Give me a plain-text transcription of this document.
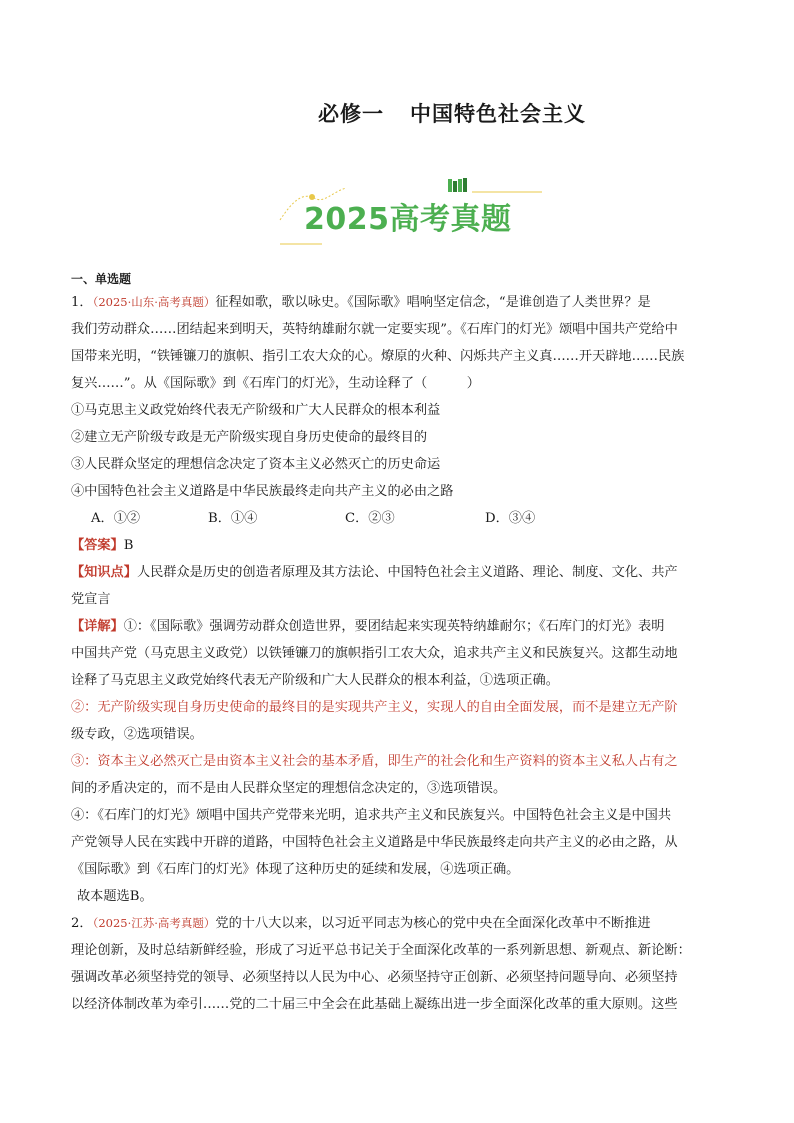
必修一 中国特色社会主义
2025高考真题
一、单选题

1．（2025·山东·高考真题）征程如歌，歌以咏史。《国际歌》唱响坚定信念，“是谁创造了人类世界？是
我们劳动群众……团结起来到明天，英特纳雄耐尔就一定要实现”。《石库门的灯光》颂唱中国共产党给中
国带来光明，“铁锤镰刀的旗帜、指引工农大众的心。燎原的火种、闪烁共产主义真……开天辟地……民族
复兴……”。从《国际歌》到《石库门的灯光》，生动诠释了（　　　）

①马克思主义政党始终代表无产阶级和广大人民群众的根本利益

②建立无产阶级专政是无产阶级实现自身历史使命的最终目的

③人民群众坚定的理想信念决定了资本主义必然灭亡的历史命运

④中国特色社会主义道路是中华民族最终走向共产主义的必由之路

A．①②	B．①④	C．②③	D．③④

【答案】B

【知识点】人民群众是历史的创造者原理及其方法论、中国特色社会主义道路、理论、制度、文化、共产
党宣言

【详解】①：《国际歌》强调劳动群众创造世界，要团结起来实现英特纳雄耐尔；《石库门的灯光》表明
中国共产党（马克思主义政党）以铁锤镰刀的旗帜指引工农大众，追求共产主义和民族复兴。这都生动地
诠释了马克思主义政党始终代表无产阶级和广大人民群众的根本利益，①选项正确。

②：无产阶级实现自身历史使命的最终目的是实现共产主义，实现人的自由全面发展，而不是建立无产阶
级专政，②选项错误。

③：资本主义必然灭亡是由资本主义社会的基本矛盾，即生产的社会化和生产资料的资本主义私人占有之
间的矛盾决定的，而不是由人民群众坚定的理想信念决定的，③选项错误。

④：《石库门的灯光》颂唱中国共产党带来光明，追求共产主义和民族复兴。中国特色社会主义是中国共
产党领导人民在实践中开辟的道路，中国特色社会主义道路是中华民族最终走向共产主义的必由之路，从
《国际歌》到《石库门的灯光》体现了这种历史的延续和发展，④选项正确。

故本题选B。

2．（2025·江苏·高考真题）党的十八大以来，以习近平同志为核心的党中央在全面深化改革中不断推进
理论创新，及时总结新鲜经验，形成了习近平总书记关于全面深化改革的一系列新思想、新观点、新论断：
强调改革必须坚持党的领导、必须坚持以人民为中心、必须坚持守正创新、必须坚持问题导向、必须坚持
以经济体制改革为牵引……党的二十届三中全会在此基础上凝练出进一步全面深化改革的重大原则。这些
